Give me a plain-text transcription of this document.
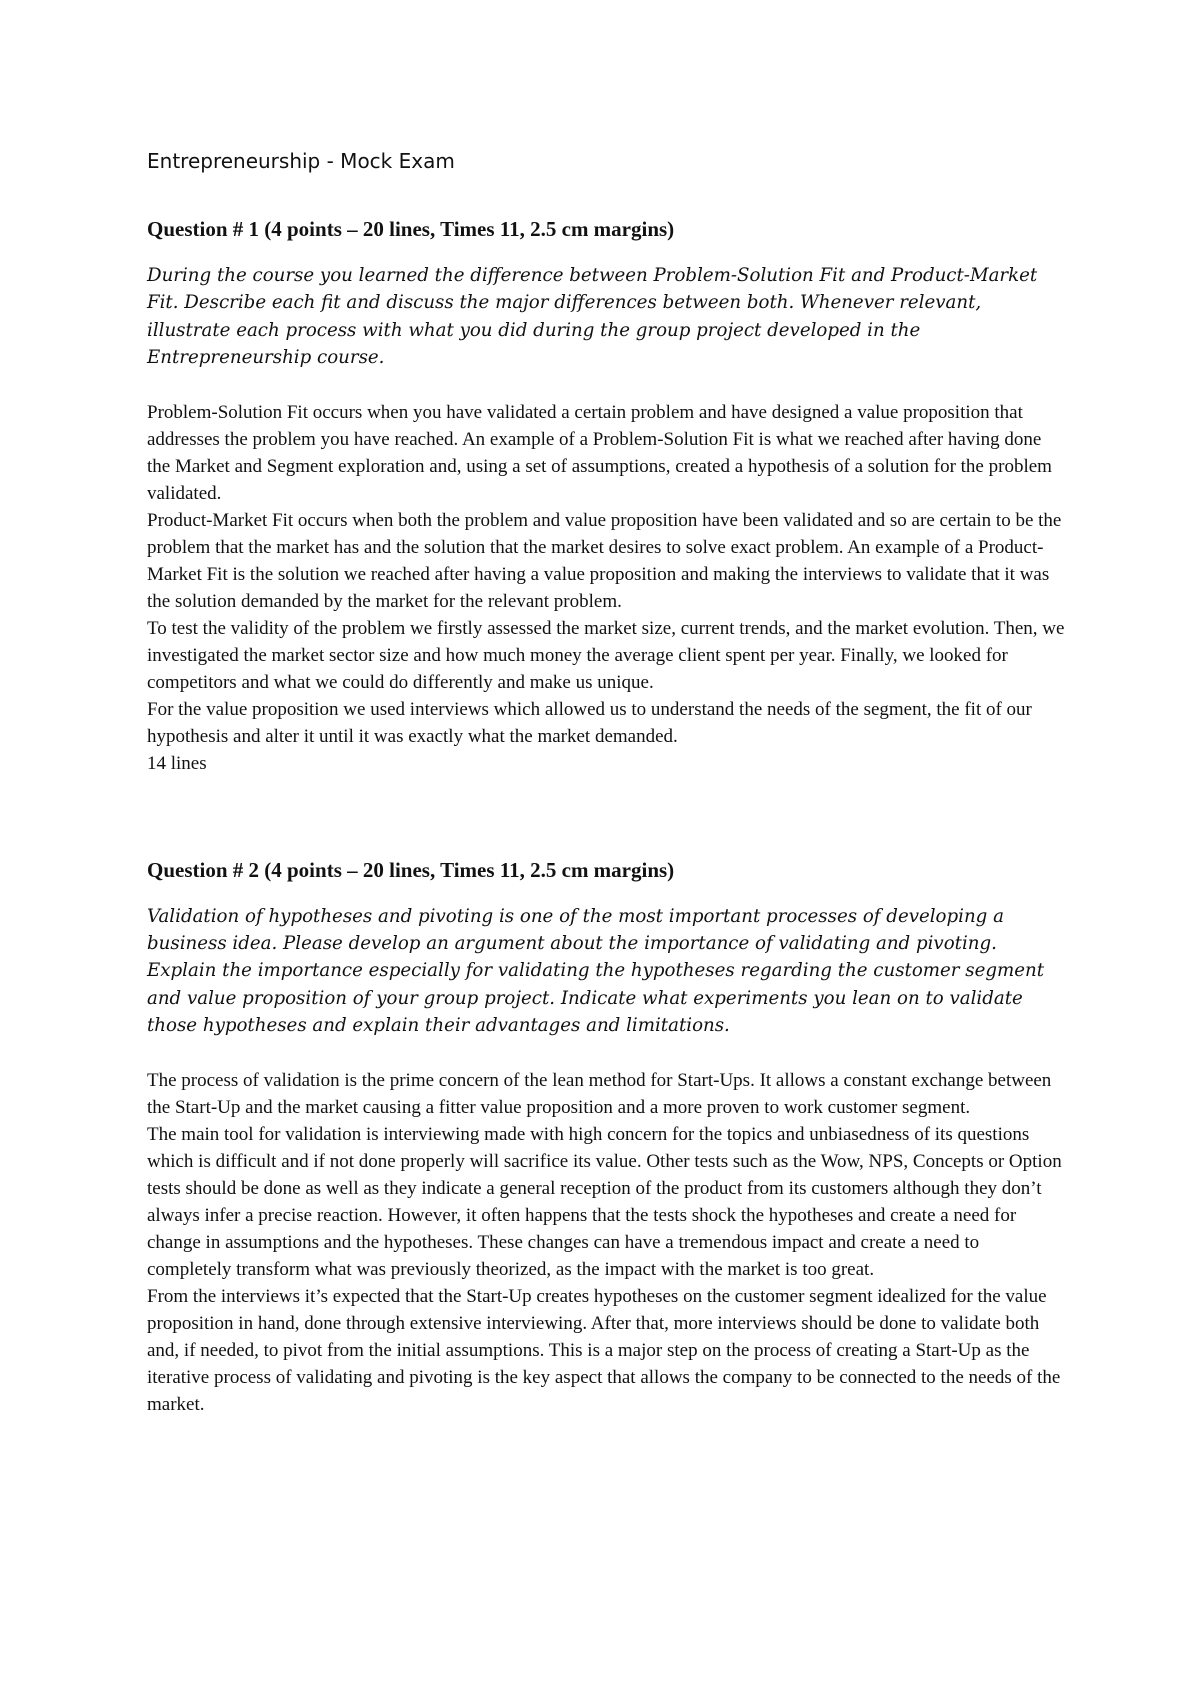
Entrepreneurship - Mock Exam
Question # 1 (4 points – 20 lines, Times 11, 2.5 cm margins)
During the course you learned the difference between Problem-Solution Fit and Product-Market Fit. Describe each fit and discuss the major differences between both. Whenever relevant, illustrate each process with what you did during the group project developed in the Entrepreneurship course.

Problem-Solution Fit occurs when you have validated a certain problem and have designed a value proposition that addresses the problem you have reached. An example of a Problem-Solution Fit is what we reached after having done the Market and Segment exploration and, using a set of assumptions, created a hypothesis of a solution for the problem validated.

Product-Market Fit occurs when both the problem and value proposition have been validated and so are certain to be the problem that the market has and the solution that the market desires to solve exact problem. An example of a Product-Market Fit is the solution we reached after having a value proposition and making the interviews to validate that it was the solution demanded by the market for the relevant problem.

To test the validity of the problem we firstly assessed the market size, current trends, and the market evolution. Then, we investigated the market sector size and how much money the average client spent per year. Finally, we looked for competitors and what we could do differently and make us unique.

For the value proposition we used interviews which allowed us to understand the needs of the segment, the fit of our hypothesis and alter it until it was exactly what the market demanded.

14 lines

Question # 2 (4 points – 20 lines, Times 11, 2.5 cm margins)
Validation of hypotheses and pivoting is one of the most important processes of developing a business idea. Please develop an argument about the importance of validating and pivoting. Explain the importance especially for validating the hypotheses regarding the customer segment and value proposition of your group project. Indicate what experiments you lean on to validate those hypotheses and explain their advantages and limitations.

The process of validation is the prime concern of the lean method for Start-Ups. It allows a constant exchange between the Start-Up and the market causing a fitter value proposition and a more proven to work customer segment.

The main tool for validation is interviewing made with high concern for the topics and unbiasedness of its questions which is difficult and if not done properly will sacrifice its value. Other tests such as the Wow, NPS, Concepts or Option tests should be done as well as they indicate a general reception of the product from its customers although they don’t always infer a precise reaction. However, it often happens that the tests shock the hypotheses and create a need for change in assumptions and the hypotheses. These changes can have a tremendous impact and create a need to completely transform what was previously theorized, as the impact with the market is too great.

From the interviews it’s expected that the Start-Up creates hypotheses on the customer segment idealized for the value proposition in hand, done through extensive interviewing. After that, more interviews should be done to validate both and, if needed, to pivot from the initial assumptions. This is a major step on the process of creating a Start-Up as the iterative process of validating and pivoting is the key aspect that allows the company to be connected to the needs of the market.
